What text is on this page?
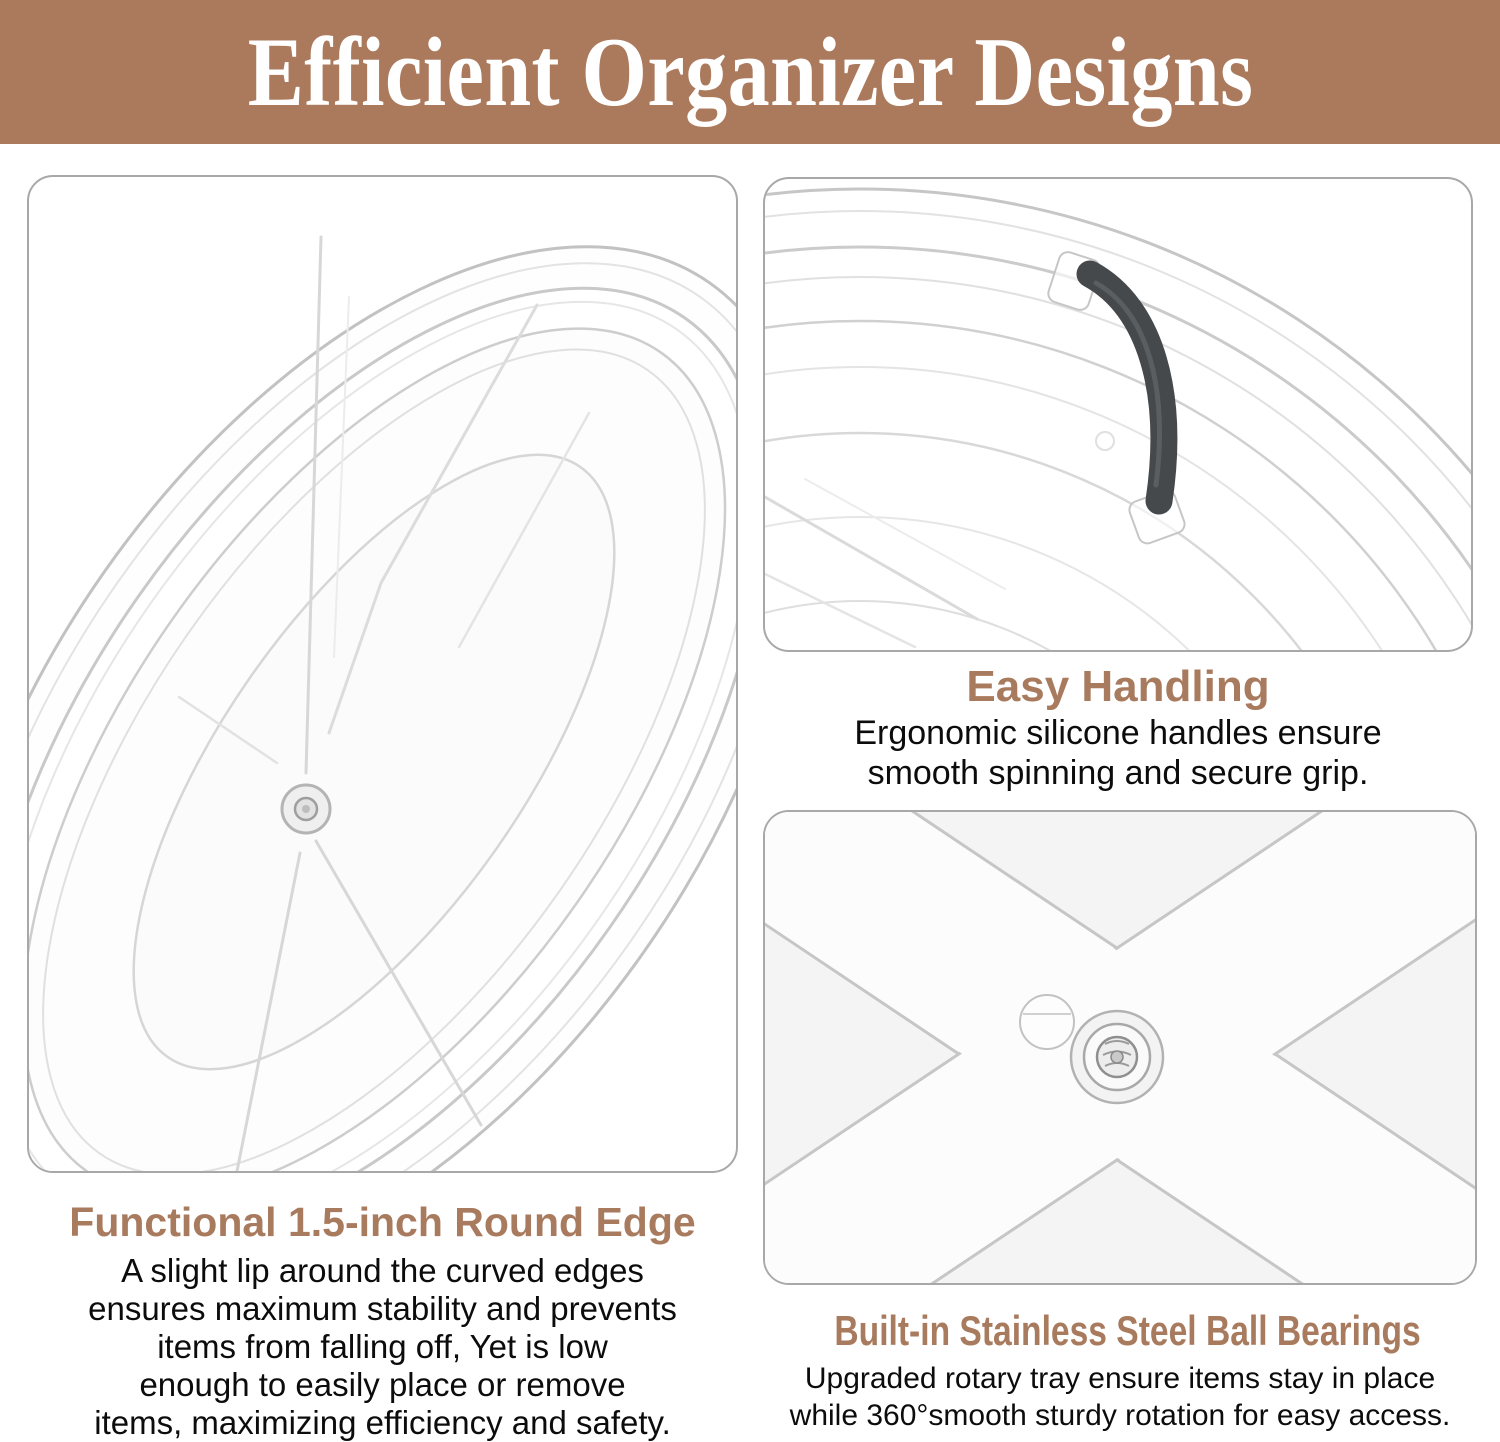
Efficient Organizer Designs
Easy Handling
Ergonomic silicone handles ensure
smooth spinning and secure grip.
Functional 1.5-inch Round Edge
A slight lip around the curved edges
ensures maximum stability and prevents
items from falling off, Yet is low
enough to easily place or remove
items, maximizing efficiency and safety.
Built-in Stainless Steel Ball Bearings
Upgraded rotary tray ensure items stay in place
while 360°smooth sturdy rotation for easy access.
